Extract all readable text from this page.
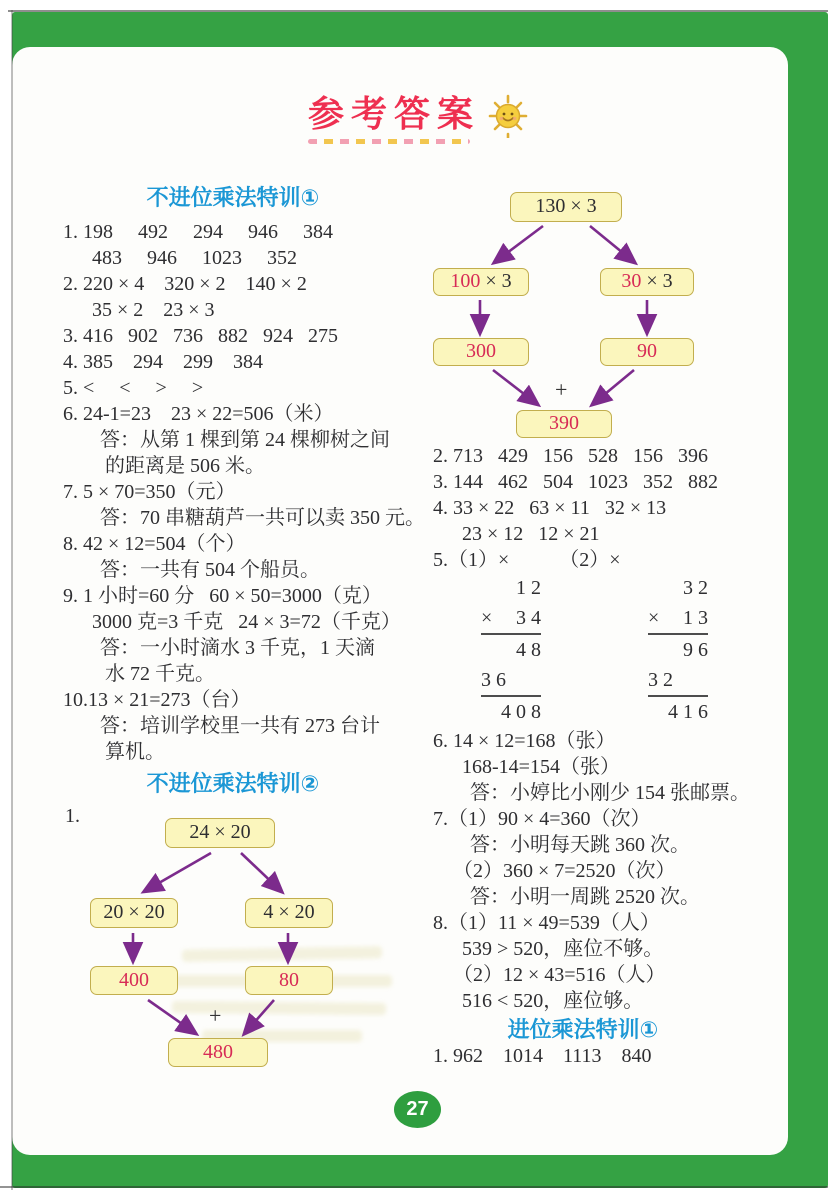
参考答案
不进位乘法特训①
1. 198     492     294     946     384
483     946     1023     352
2. 220 × 4    320 × 2    140 × 2
35 × 2    23 × 3
3. 416   902   736   882   924   275
4. 385    294    299    384
5. <     <     >     >
6. 24-1=23    23 × 22=506（米）
答：从第 1 棵到第 24 棵柳树之间
的距离是 506 米。
7. 5 × 70=350（元）
答：70 串糖葫芦一共可以卖 350 元。
8. 42 × 12=504（个）
答：一共有 504 个船员。
9. 1 小时=60 分   60 × 50=3000（克）
3000 克=3 千克   24 × 3=72（千克）
答：一小时滴水 3 千克，1 天滴
水 72 千克。
10.13 × 21=273（台）
答：培训学校里一共有 273 台计
算机。
不进位乘法特训②
1.
24 × 20
20 × 20	4 × 20
400	80
+
480
130 × 3
100 × 3	30 × 3
300	90
+
390
2. 713   429   156   528   156   396
3. 144   462   504   1023   352   882
4. 33 × 22   63 × 11   32 × 13
23 × 12   12 × 21
5.（1）×          （2）×
1 2
× 3 4
4 8
3 6
4 0 8
3 2
× 1 3
9 6
3 2
4 1 6
6. 14 × 12=168（张）
168-14=154（张）
答：小婷比小刚少 154 张邮票。
7.（1）90 × 4=360（次）
答：小明每天跳 360 次。
（2）360 × 7=2520（次）
答：小明一周跳 2520 次。
8.（1）11 × 49=539（人）
539 > 520，座位不够。
（2）12 × 43=516（人）
516 < 520，座位够。
进位乘法特训①
1. 962    1014    1113    840
27
